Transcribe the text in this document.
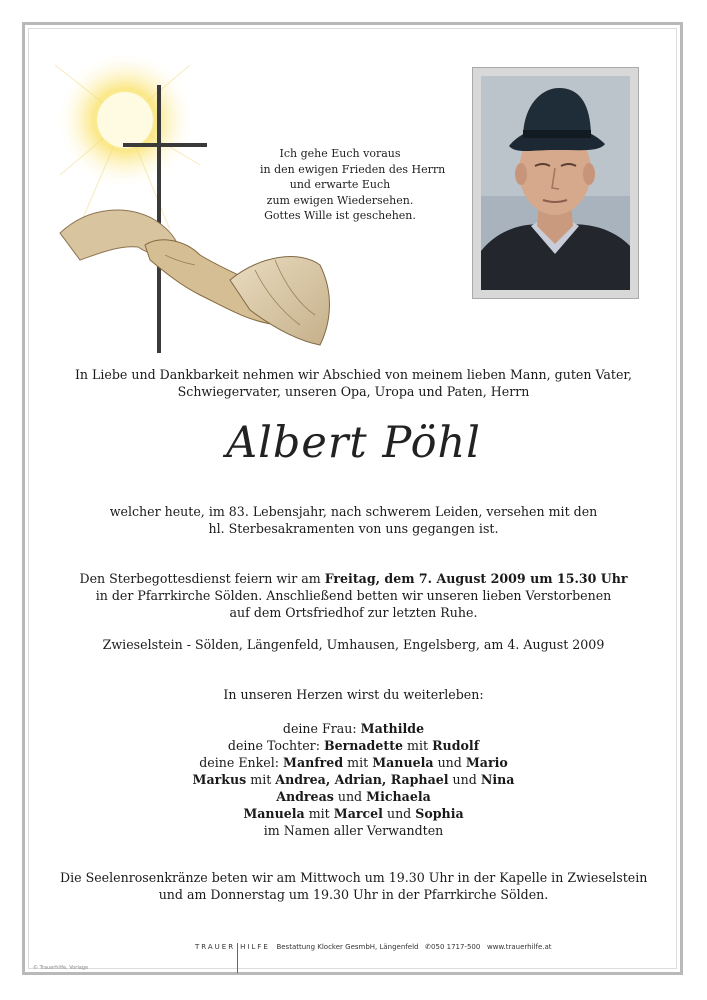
Ich gehe Euch voraus
in den ewigen Frieden des Herrn
und erwarte Euch
zum ewigen Wiedersehen.
Gottes Wille ist geschehen.
In Liebe und Dankbarkeit nehmen wir Abschied von meinem lieben Mann, guten Vater,
Schwiegervater, unseren Opa, Uropa und Paten, Herrn
Albert Pöhl
welcher heute, im 83. Lebensjahr, nach schwerem Leiden, versehen mit den
hl. Sterbesakramenten von uns gegangen ist.
Den Sterbegottesdienst feiern wir am Freitag, dem 7. August 2009 um 15.30 Uhr
in der Pfarrkirche Sölden. Anschließend betten wir unseren lieben Verstorbenen
auf dem Ortsfriedhof zur letzten Ruhe.
Zwieselstein - Sölden, Längenfeld, Umhausen, Engelsberg, am 4. August 2009
In unseren Herzen wirst du weiterleben:
deine Frau: Mathilde
deine Tochter: Bernadette mit Rudolf
deine Enkel: Manfred mit Manuela und Mario
Markus mit Andrea, Adrian, Raphael und Nina
Andreas und Michaela
Manuela mit Marcel und Sophia
im Namen aller Verwandten
Die Seelenrosenkränze beten wir am Mittwoch um 19.30 Uhr in der Kapelle in Zwieselstein
und am Donnerstag um 19.30 Uhr in der Pfarrkirche Sölden.
TRAUER HILFE Bestattung Klocker GesmbH, Längenfeld ✆050 1717-500 www.trauerhilfe.at
© Trauerhilfe, Vorlage
